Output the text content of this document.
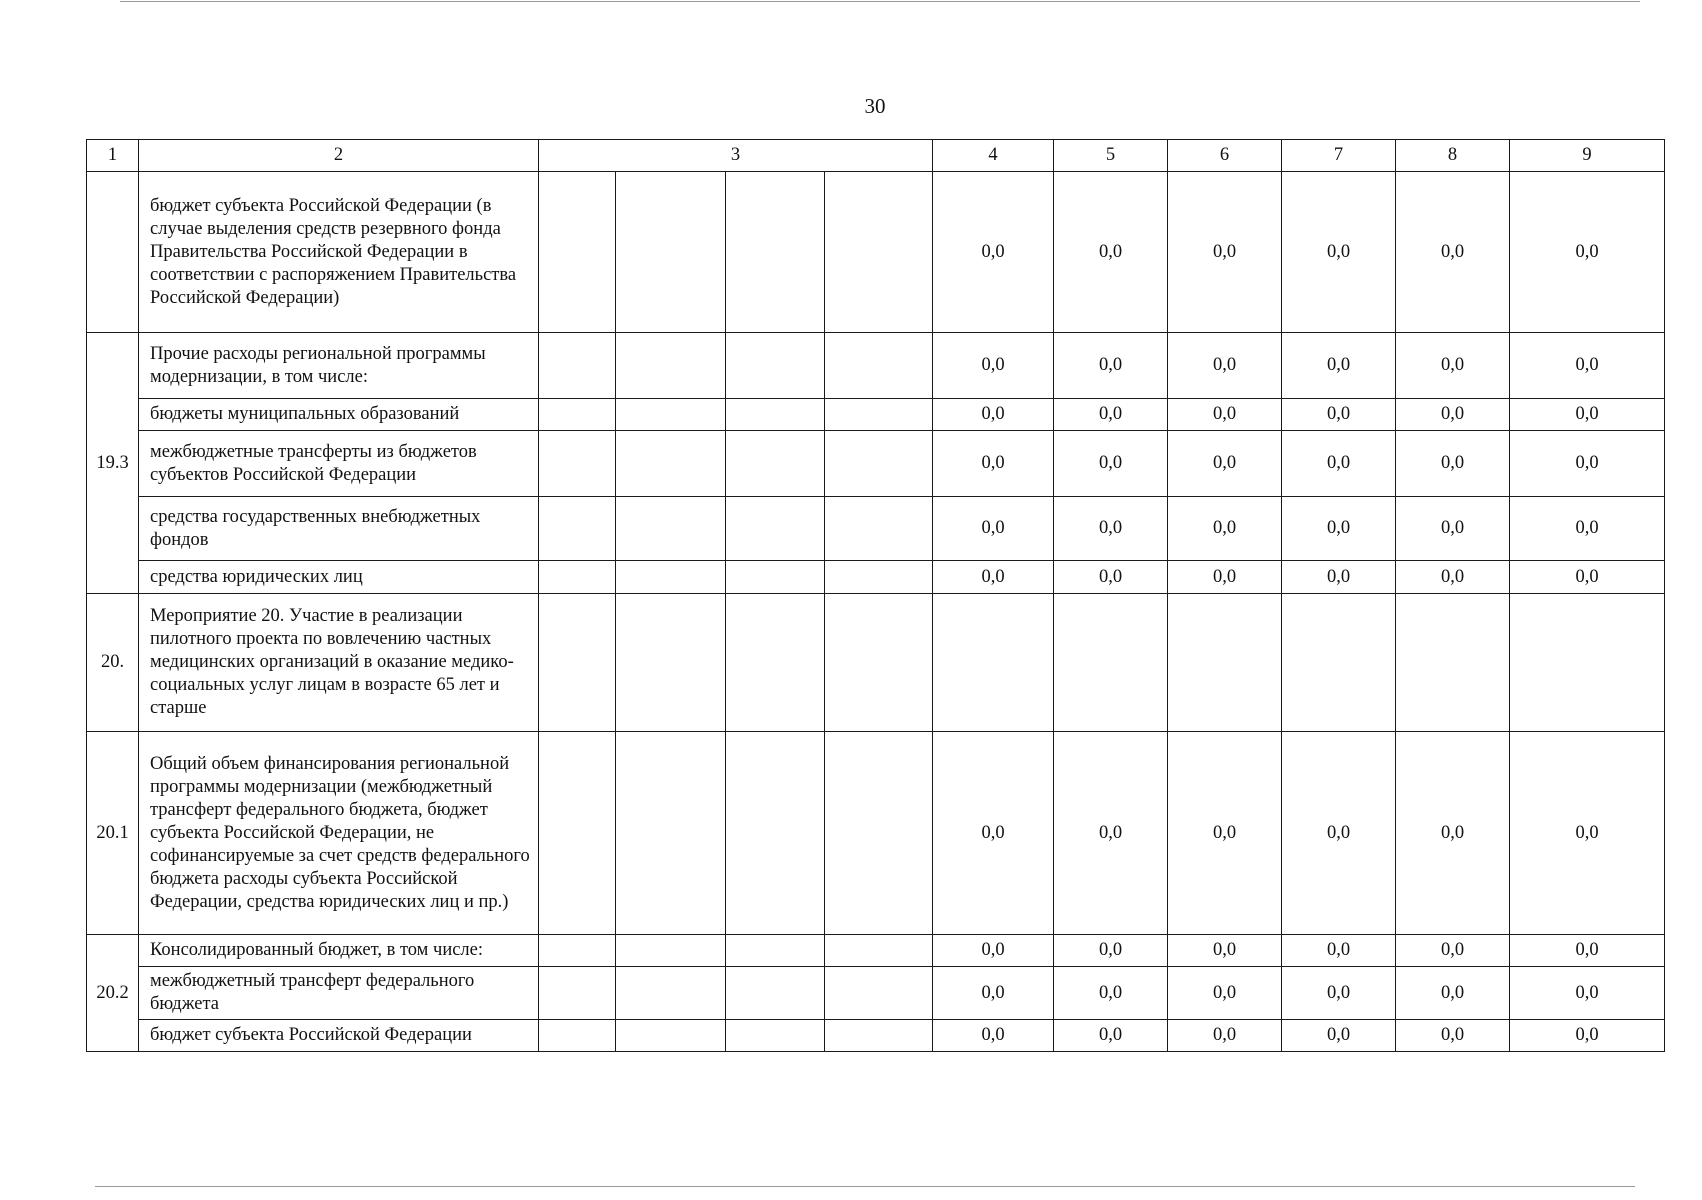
30
1	2	3				4	5	6	7	8	9
	бюджет субъекта Российской Федерации (в случае выделения средств резервного фонда Правительства Российской Федерации в соответствии с распоряжением Правительства Российской Федерации)					0,0	0,0	0,0	0,0	0,0	0,0
19.3	Прочие расходы региональной программы модернизации, в том числе:					0,0	0,0	0,0	0,0	0,0	0,0
	бюджеты муниципальных образований					0,0	0,0	0,0	0,0	0,0	0,0
	межбюджетные трансферты из бюджетов субъектов Российской Федерации					0,0	0,0	0,0	0,0	0,0	0,0
	средства государственных внебюджетных фондов					0,0	0,0	0,0	0,0	0,0	0,0
	средства юридических лиц					0,0	0,0	0,0	0,0	0,0	0,0
20.	Мероприятие 20. Участие в реализации пилотного проекта по вовлечению частных медицинских организаций в оказание медико-социальных услуг лицам в возрасте 65 лет и старше										
20.1	Общий объем финансирования региональной программы модернизации (межбюджетный трансферт федерального бюджета, бюджет субъекта Российской Федерации, не софинансируемые за счет средств федерального бюджета расходы субъекта Российской Федерации, средства юридических лиц и пр.)					0,0	0,0	0,0	0,0	0,0	0,0
20.2	Консолидированный бюджет, в том числе:					0,0	0,0	0,0	0,0	0,0	0,0
	межбюджетный трансферт федерального бюджета					0,0	0,0	0,0	0,0	0,0	0,0
	бюджет субъекта Российской Федерации					0,0	0,0	0,0	0,0	0,0	0,0
